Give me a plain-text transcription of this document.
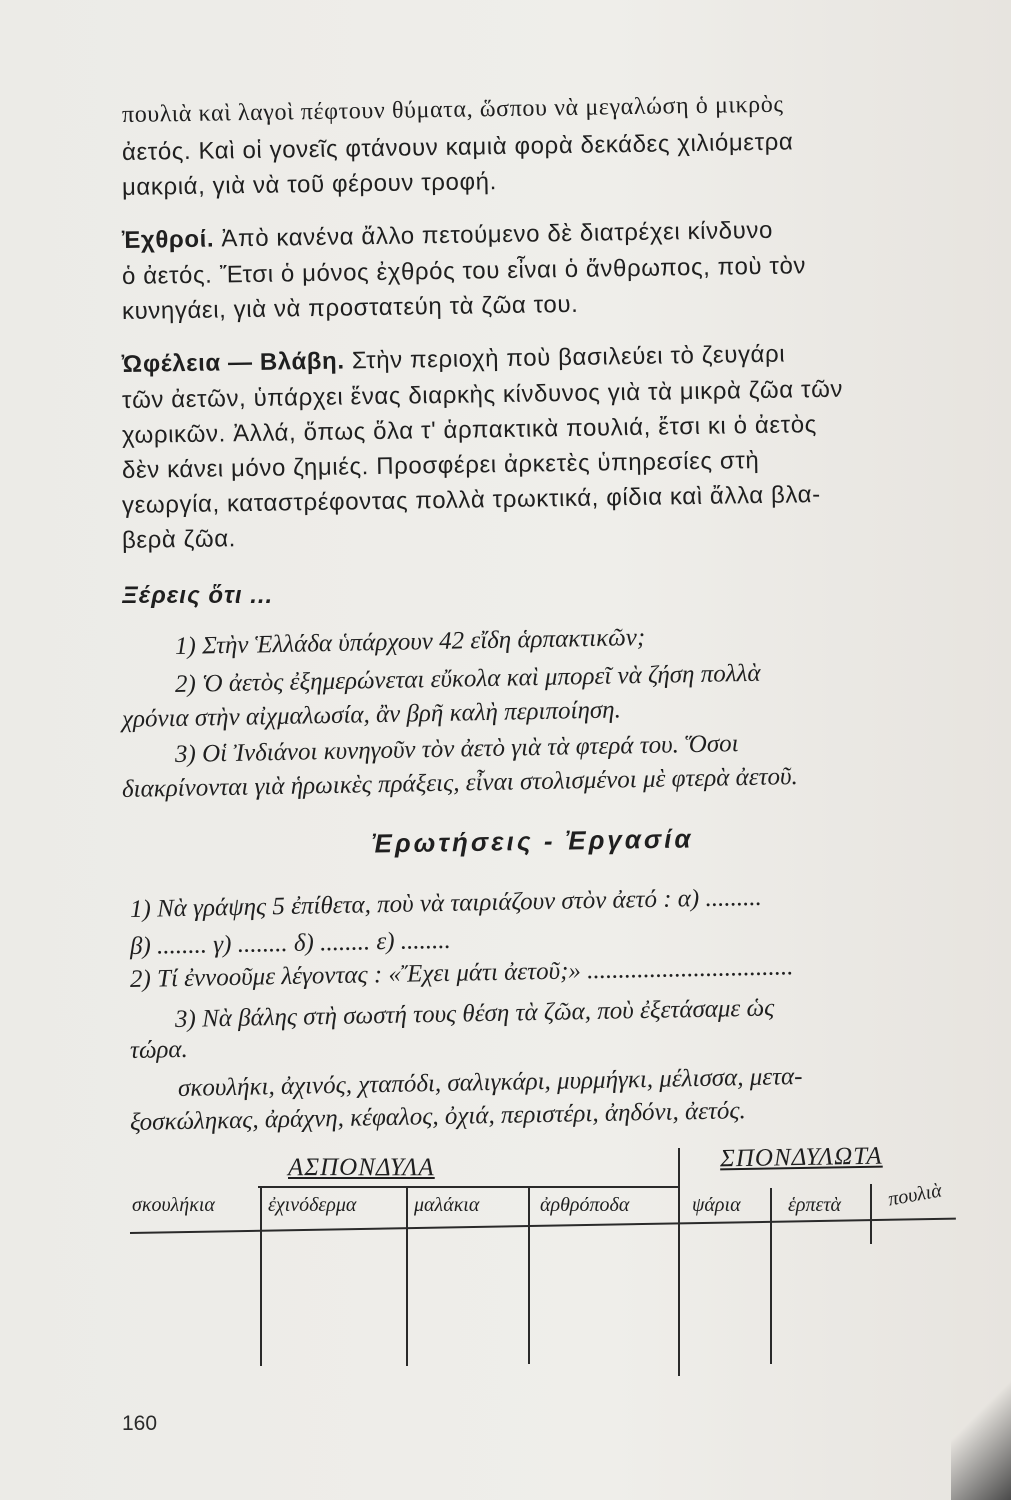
πουλιὰ καὶ λαγοὶ πέφτουν θύματα, ὥσπου νὰ μεγαλώση ὁ μικρὸς
ἀετός. Καὶ οἱ γονεῖς φτάνουν καμιὰ φορὰ δεκάδες χιλιόμετρα
μακριά, γιὰ νὰ τοῦ φέρουν τροφή.
Ἐχθροί. Ἀπὸ κανένα ἄλλο πετούμενο δὲ διατρέχει κίνδυνο
ὁ ἀετός. Ἔτσι ὁ μόνος ἐχθρός του εἶναι ὁ ἄνθρωπος, ποὺ τὸν
κυνηγάει, γιὰ νὰ προστατεύη τὰ ζῶα του.
Ὠφέλεια — Βλάβη. Στὴν περιοχὴ ποὺ βασιλεύει τὸ ζευγάρι
τῶν ἀετῶν, ὑπάρχει ἕνας διαρκὴς κίνδυνος γιὰ τὰ μικρὰ ζῶα τῶν
χωρικῶν. Ἀλλά, ὅπως ὅλα τ' ἁρπακτικὰ πουλιά, ἔτσι κι ὁ ἀετὸς
δὲν κάνει μόνο ζημιές. Προσφέρει ἀρκετὲς ὑπηρεσίες στὴ
γεωργία, καταστρέφοντας πολλὰ τρωκτικά, φίδια καὶ ἄλλα βλα-
βερὰ ζῶα.
Ξέρεις ὅτι ...
1) Στὴν Ἑλλάδα ὑπάρχουν 42 εἴδη ἁρπακτικῶν;
2) Ὁ ἀετὸς ἐξημερώνεται εὔκολα καὶ μπορεῖ νὰ ζήση πολλὰ
χρόνια στὴν αἰχμαλωσία, ἂν βρῆ καλὴ περιποίηση.
3) Οἱ Ἰνδιάνοι κυνηγοῦν τὸν ἀετὸ γιὰ τὰ φτερά του. Ὅσοι
διακρίνονται γιὰ ἡρωικὲς πράξεις, εἶναι στολισμένοι μὲ φτερὰ ἀετοῦ.
Ἐρωτήσεις - Ἐργασία
1) Νὰ γράψης 5 ἐπίθετα, ποὺ νὰ ταιριάζουν στὸν ἀετό : α) .........
β) ........ γ) ........ δ) ........ ε) ........
2) Τί ἐννοοῦμε λέγοντας : «Ἔχει μάτι ἀετοῦ;» .................................
3) Νὰ βάλης στὴ σωστή τους θέση τὰ ζῶα, ποὺ ἐξετάσαμε ὡς
τώρα.
σκουλήκι, ἀχινός, χταπόδι, σαλιγκάρι, μυρμήγκι, μέλισσα, μετα-
ξοσκώληκας, ἀράχνη, κέφαλος, ὀχιά, περιστέρι, ἀηδόνι, ἀετός.
ΑΣΠΟΝΔΥΛΑ	ΣΠΟΝΔΥΛΩΤΑ
σκουλήκια	ἐχινόδερμα	μαλάκια	ἀρθρόποδα	ψάρια ἑρπετὰ πουλιὰ
160
